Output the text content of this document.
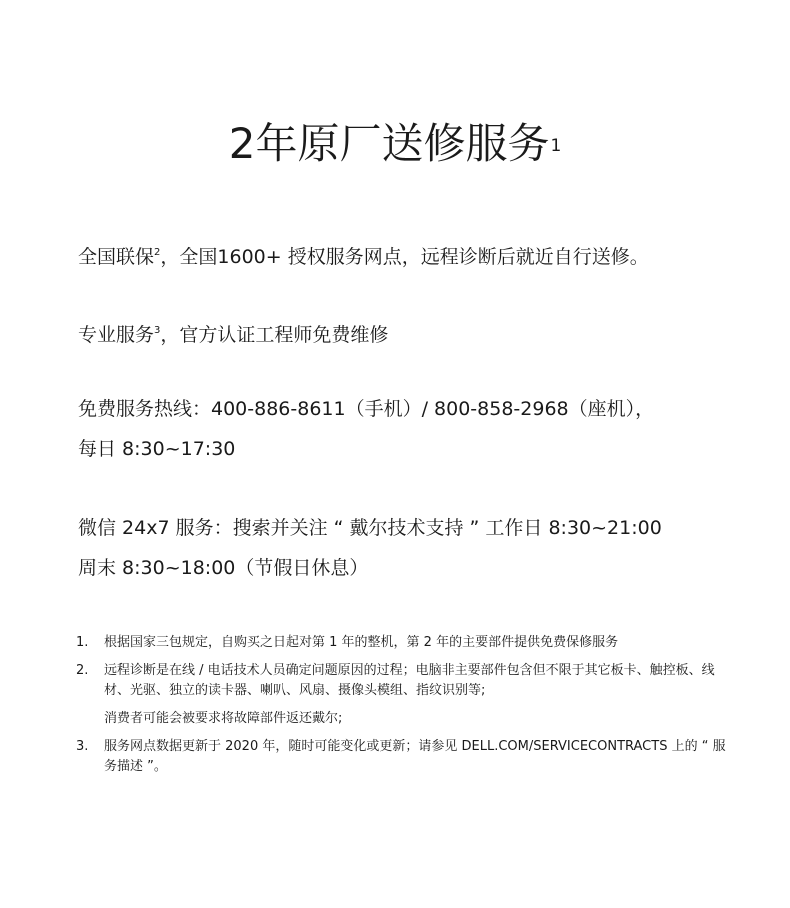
2年原厂送修服务$^1$
全国联保$^2$，全国1600+ 授权服务网点，远程诊断后就近自行送修。
专业服务$^3$，官方认证工程师免费维修
免费服务热线：400-886-8611（手机）/ 800-858-2968（座机），
每日 8:30~17:30
微信 24x7 服务：搜索并关注 “ 戴尔技术支持 ” 工作日 8:30~21:00
周末 8:30~18:00（节假日休息）
1.	根据国家三包规定，自购买之日起对第 1 年的整机，第 2 年的主要部件提供免费保修服务
2.	远程诊断是在线 / 电话技术人员确定问题原因的过程；电脑非主要部件包含但不限于其它板卡、触控板、线材、光驱、独立的读卡器、喇叭、风扇、摄像头模组、指纹识别等;
消费者可能会被要求将故障部件返还戴尔;
3.	服务网点数据更新于 2020 年，随时可能变化或更新；请参见 DELL.COM/SERVICECONTRACTS 上的 “ 服务描述 ”。
